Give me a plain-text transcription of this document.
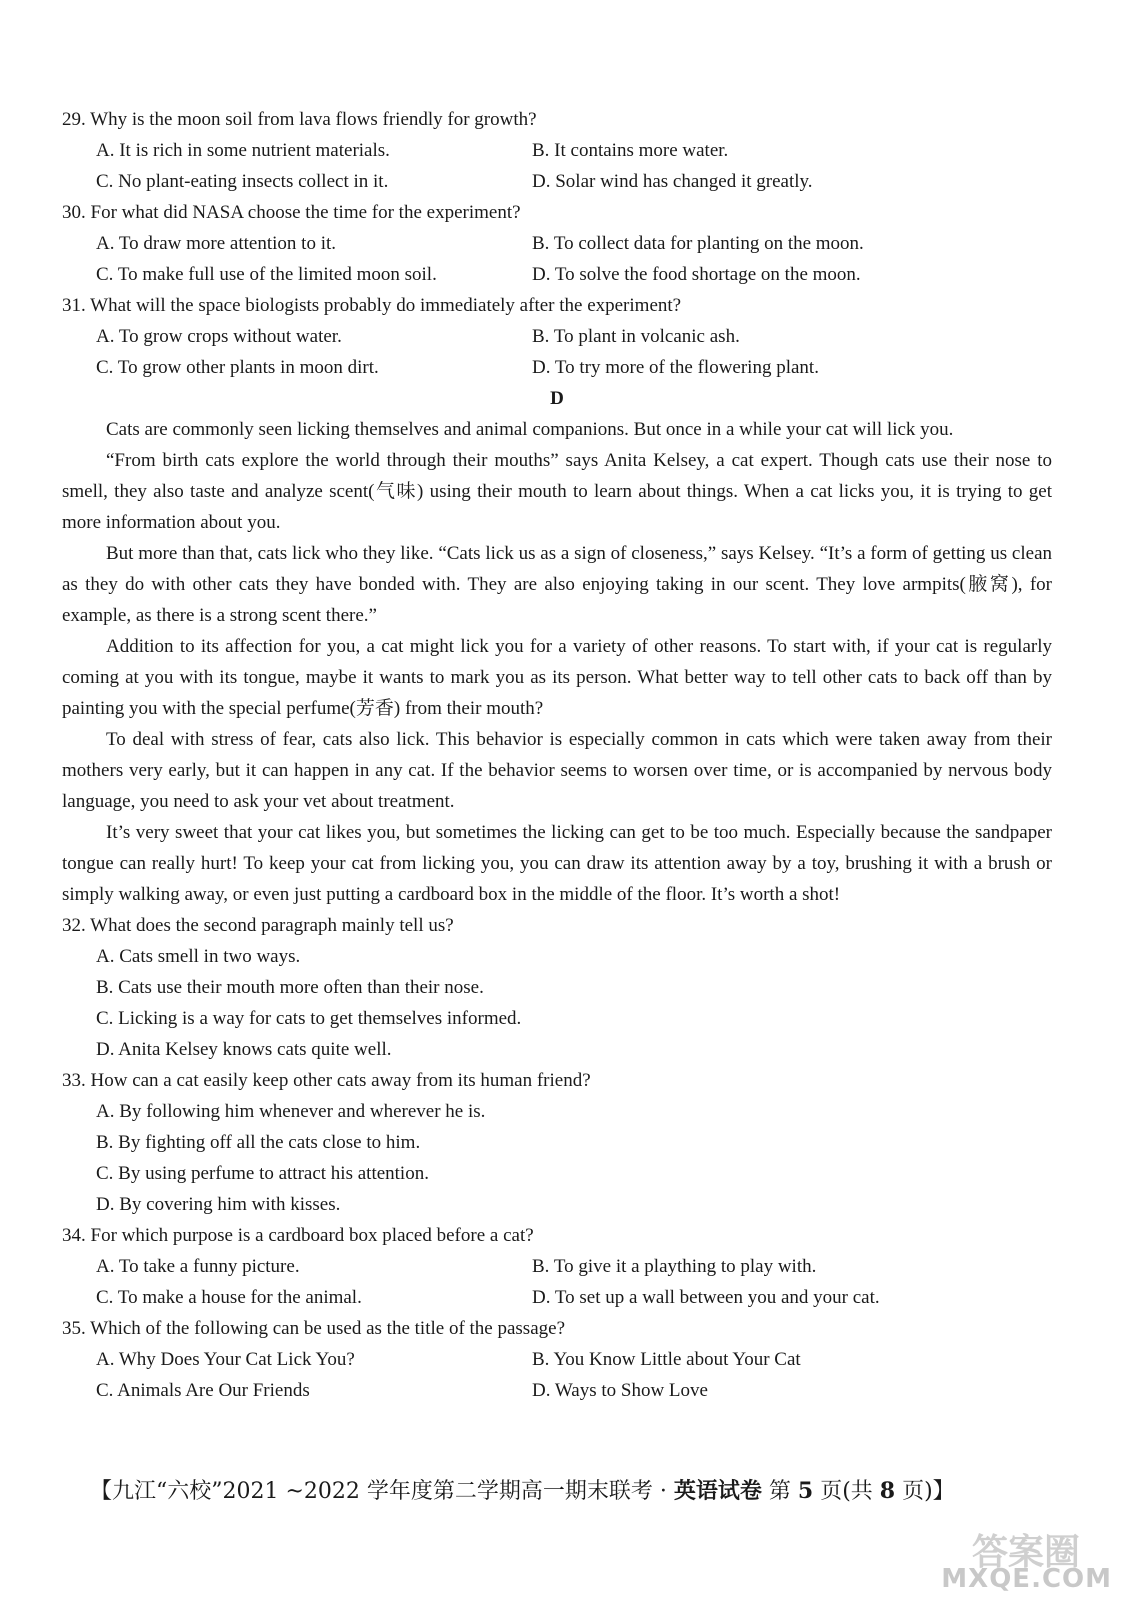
29. Why is the moon soil from lava flows friendly for growth?

A. It is rich in some nutrient materials.	B. It contains more water.
C. No plant-eating insects collect in it.	D. Solar wind has changed it greatly.

30. For what did NASA choose the time for the experiment?

A. To draw more attention to it.	B. To collect data for planting on the moon.
C. To make full use of the limited moon soil.	D. To solve the food shortage on the moon.

31. What will the space biologists probably do immediately after the experiment?

A. To grow crops without water.	B. To plant in volcanic ash.
C. To grow other plants in moon dirt.	D. To try more of the flowering plant.

D

Cats are commonly seen licking themselves and animal companions. But once in a while your cat will lick you.

“From birth cats explore the world through their mouths” says Anita Kelsey, a cat expert. Though cats use their nose to smell, they also taste and analyze scent(气味) using their mouth to learn about things. When a cat licks you, it is trying to get more information about you.

But more than that, cats lick who they like. “Cats lick us as a sign of closeness,” says Kelsey. “It’s a form of getting us clean as they do with other cats they have bonded with. They are also enjoying taking in our scent. They love armpits(腋窝), for example, as there is a strong scent there.”

Addition to its affection for you, a cat might lick you for a variety of other reasons. To start with, if your cat is regularly coming at you with its tongue, maybe it wants to mark you as its person. What better way to tell other cats to back off than by painting you with the special perfume(芳香) from their mouth?

To deal with stress of fear, cats also lick. This behavior is especially common in cats which were taken away from their mothers very early, but it can happen in any cat. If the behavior seems to worsen over time, or is accompanied by nervous body language, you need to ask your vet about treatment.

It’s very sweet that your cat likes you, but sometimes the licking can get to be too much. Especially because the sandpaper tongue can really hurt! To keep your cat from licking you, you can draw its attention away by a toy, brushing it with a brush or simply walking away, or even just putting a cardboard box in the middle of the floor. It’s worth a shot!

32. What does the second paragraph mainly tell us?

A. Cats smell in two ways.
B. Cats use their mouth more often than their nose.
C. Licking is a way for cats to get themselves informed.
D. Anita Kelsey knows cats quite well.

33. How can a cat easily keep other cats away from its human friend?

A. By following him whenever and wherever he is.
B. By fighting off all the cats close to him.
C. By using perfume to attract his attention.
D. By covering him with kisses.

34. For which purpose is a cardboard box placed before a cat?

A. To take a funny picture.	B. To give it a plaything to play with.
C. To make a house for the animal.	D. To set up a wall between you and your cat.

35. Which of the following can be used as the title of the passage?

A. Why Does Your Cat Lick You?	B. You Know Little about Your Cat
C. Animals Are Our Friends	D. Ways to Show Love
【九江“六校”2021 ~2022 学年度第二学期高一期末联考 · 英语试卷 第 5 页(共 8 页)】
答案圈
MXQE.COM
